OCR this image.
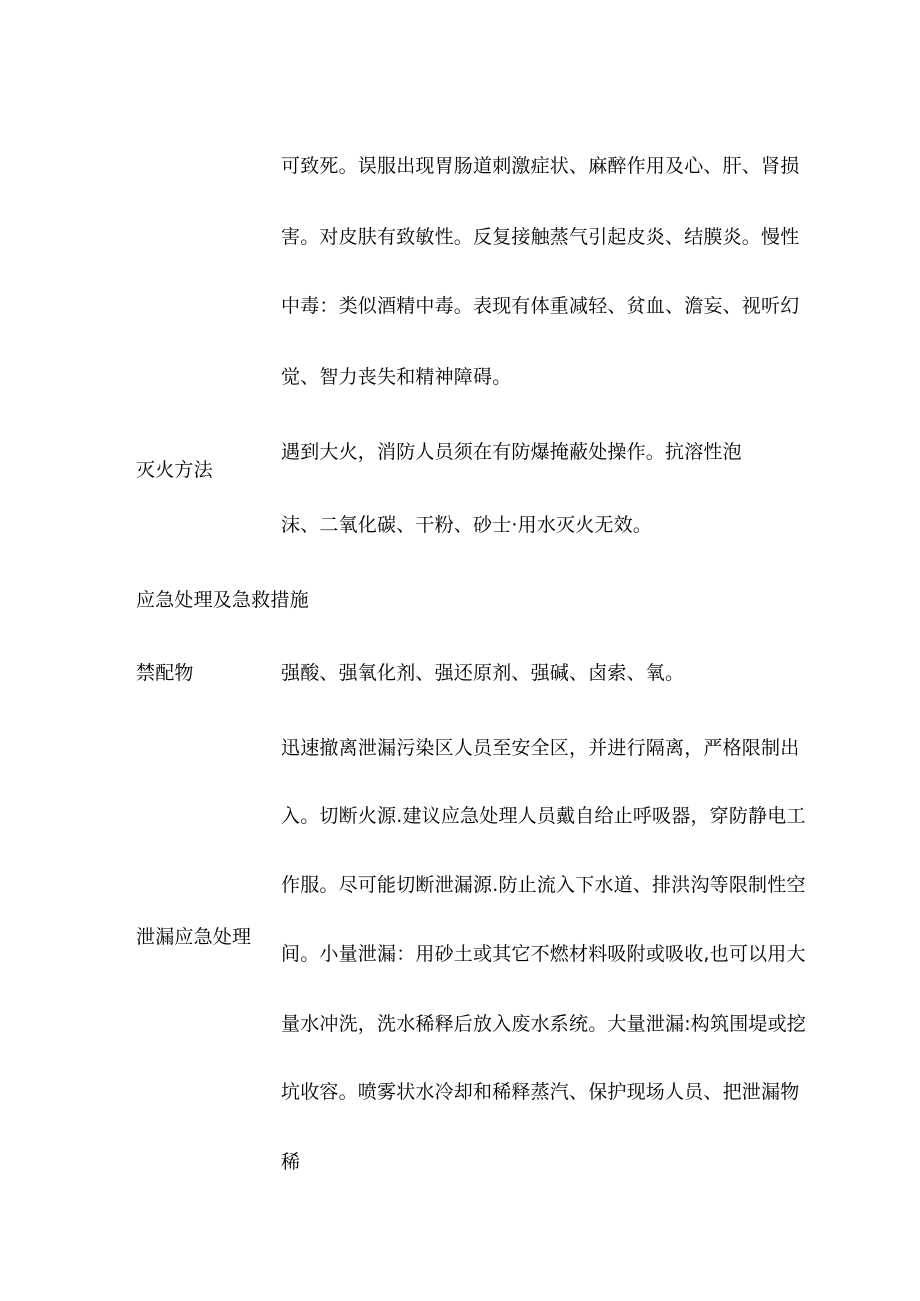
可致死。误服出现胃肠道刺激症状、麻醉作用及心、肝、肾损
害。对皮肤有致敏性。反复接触蒸气引起皮炎、结膜炎。慢性
中毒：类似酒精中毒。表现有体重减轻、贫血、澹妄、视听幻
觉、智力丧失和精神障碍。
灭火方法
遇到大火，消防人员须在有防爆掩蔽处操作。抗溶性泡
沫、二氧化碳、干粉、砂士·用水灭火无效。
应急处理及急救措施
禁配物	强酸、强氧化剂、强还原剂、强碱、卤索、氧。
泄漏应急处理
迅速撤离泄漏污染区人员至安全区，并进行隔离，严格限制出
入。切断火源.建议应急处理人员戴自给止呼吸器，穿防静电工
作服。尽可能切断泄漏源.防止流入下水道、排洪沟等限制性空
间。小量泄漏：用砂土或其它不燃材料吸附或吸收,也可以用大
量水冲洗，洗水稀释后放入废水系统。大量泄漏:构筑围堤或挖
坑收容。喷雾状水冷却和稀释蒸汽、保护现场人员、把泄漏物
稀
